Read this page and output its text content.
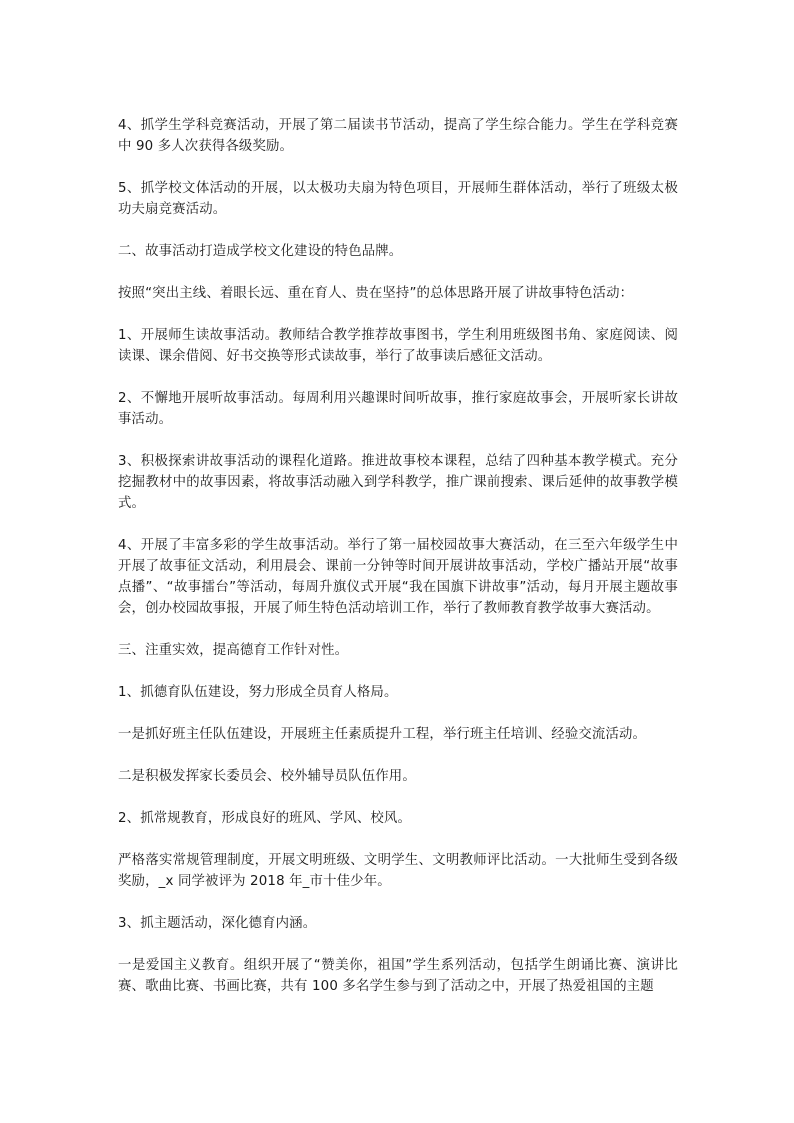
4、抓学生学科竞赛活动，开展了第二届读书节活动，提高了学生综合能力。学生在学科竞赛中 90 多人次获得各级奖励。

5、抓学校文体活动的开展，以太极功夫扇为特色项目，开展师生群体活动，举行了班级太极功夫扇竞赛活动。

二、故事活动打造成学校文化建设的特色品牌。

按照“突出主线、着眼长远、重在育人、贵在坚持”的总体思路开展了讲故事特色活动：

1、开展师生读故事活动。教师结合教学推荐故事图书，学生利用班级图书角、家庭阅读、阅读课、课余借阅、好书交换等形式读故事，举行了故事读后感征文活动。

2、不懈地开展听故事活动。每周利用兴趣课时间听故事，推行家庭故事会，开展听家长讲故事活动。

3、积极探索讲故事活动的课程化道路。推进故事校本课程，总结了四种基本教学模式。充分挖掘教材中的故事因素，将故事活动融入到学科教学，推广课前搜索、课后延伸的故事教学模式。

4、开展了丰富多彩的学生故事活动。举行了第一届校园故事大赛活动，在三至六年级学生中开展了故事征文活动，利用晨会、课前一分钟等时间开展讲故事活动，学校广播站开展“故事点播”、“故事擂台”等活动，每周升旗仪式开展“我在国旗下讲故事”活动，每月开展主题故事会，创办校园故事报，开展了师生特色活动培训工作，举行了教师教育教学故事大赛活动。

三、注重实效，提高德育工作针对性。

1、抓德育队伍建设，努力形成全员育人格局。

一是抓好班主任队伍建设，开展班主任素质提升工程，举行班主任培训、经验交流活动。

二是积极发挥家长委员会、校外辅导员队伍作用。

2、抓常规教育，形成良好的班风、学风、校风。

严格落实常规管理制度，开展文明班级、文明学生、文明教师评比活动。一大批师生受到各级奖励，_x 同学被评为 2018 年_市十佳少年。

3、抓主题活动，深化德育内涵。

一是爱国主义教育。组织开展了“赞美你，祖国”学生系列活动，包括学生朗诵比赛、演讲比赛、歌曲比赛、书画比赛，共有 100 多名学生参与到了活动之中，开展了热爱祖国的主题
